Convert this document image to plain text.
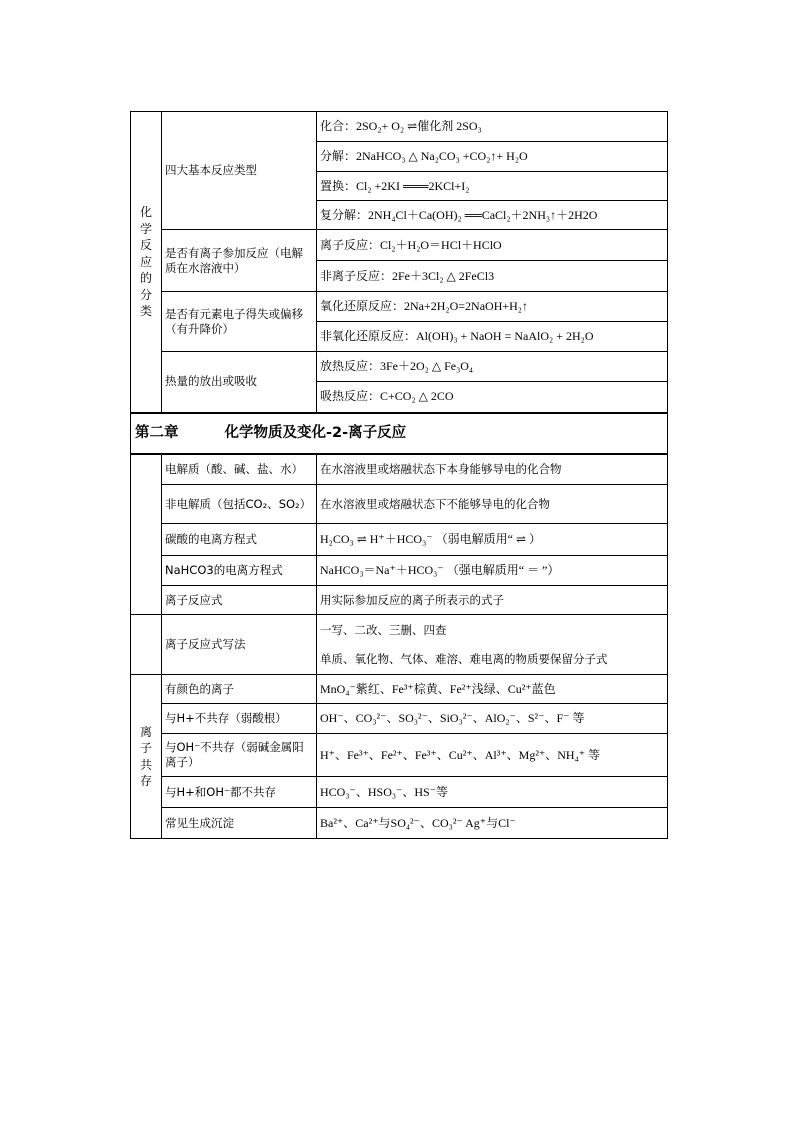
化学反应的分类	四大基本反应类型	化合：2SO₂+ O₂ ⇌催化剂 2SO₃
		分解：2NaHCO₃ △ Na₂CO₃ +CO₂↑+ H₂O
		置换：Cl₂ +2KI ═══2KCl+I₂
		复分解：2NH₄Cl＋Ca(OH)₂ ══CaCl₂＋2NH₃↑＋2H2O
	是否有离子参加反应（电解质在水溶液中）	离子反应：Cl₂＋H₂O＝HCl＋HClO
		非离子反应：2Fe＋3Cl₂ △ 2FeCl3
	是否有元素电子得失或偏移（有升降价）	氧化还原反应：2Na+2H₂O=2NaOH+H₂↑
		非氧化还原反应：Al(OH)₃ + NaOH = NaAlO₂ + 2H₂O
	热量的放出或吸收	放热反应：3Fe＋2O₂ △ Fe₃O₄
		吸热反应：C+CO₂ △ 2CO
第二章 化学物质及变化-2-离子反应		
	电解质（酸、碱、盐、水）	在水溶液里或熔融状态下本身能够导电的化合物
	非电解质（包括CO₂、SO₂）	在水溶液里或熔融状态下不能够导电的化合物
	碳酸的电离方程式	H₂CO₃ ⇌ H⁺＋HCO₃⁻ （弱电解质用“ ⇌ ）
	NaHCO3的电离方程式	NaHCO₃＝Na⁺＋HCO₃⁻ （强电解质用“ ＝ ”）
	离子反应式	用实际参加反应的离子所表示的式子
	离子反应式写法	一写、二改、三删、四查
单质、氧化物、气体、难溶、难电离的物质要保留分子式

离子共存	有颜色的离子	MnO₄⁻紫红、Fe³⁺棕黄、Fe²⁺浅绿、Cu²⁺蓝色
	与H+不共存（弱酸根）	OH⁻、CO₃²⁻、SO₃²⁻、SiO₃²⁻、AlO₂⁻、S²⁻、F⁻ 等
	与OH⁻不共存（弱碱金属阳离子）	H⁺、Fe³⁺、Fe²⁺、Fe³⁺、Cu²⁺、Al³⁺、Mg²⁺、NH₄⁺ 等
	与H+和OH⁻都不共存	HCO₃⁻、HSO₃⁻、HS⁻等
	常见生成沉淀	Ba²⁺、Ca²⁺与SO₄²⁻、CO₃²⁻ Ag⁺与Cl⁻
